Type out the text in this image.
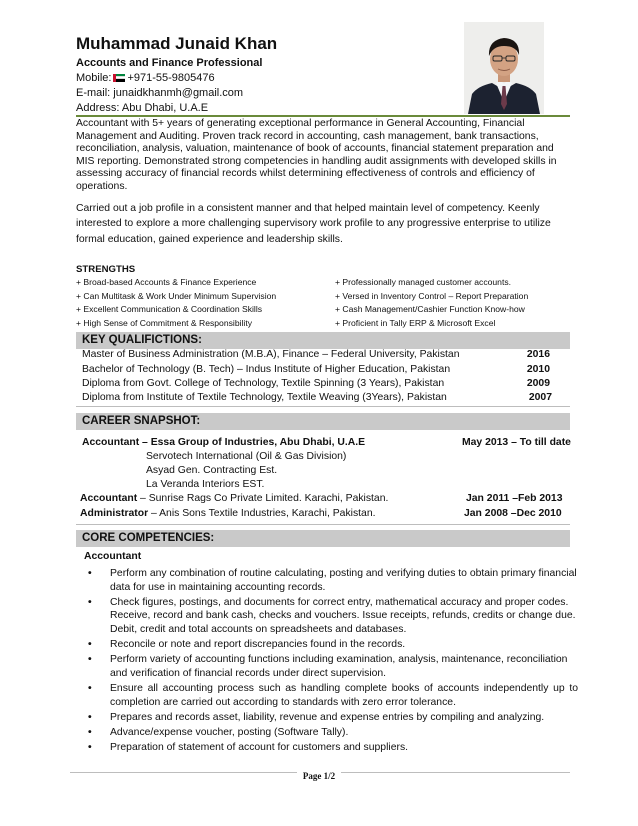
Muhammad Junaid Khan
Accounts and Finance Professional
Mobile: +971-55-9805476
E-mail: junaidkhanmh@gmail.com
Address: Abu Dhabi, U.A.E
Accountant with 5+ years of generating exceptional performance in General Accounting, Financial Management and Auditing. Proven track record in accounting, cash management, bank transactions, reconciliation, analysis, valuation, maintenance of book of accounts, financial statement preparation and MIS reporting. Demonstrated strong competencies in handling audit assignments with developed skills in assessing accuracy of financial records whilst determining effectiveness of controls and efficiency of operations.
Carried out a job profile in a consistent manner and that helped maintain level of competency. Keenly interested to explore a more challenging supervisory work profile to any progressive enterprise to utilize formal education, gained experience and leadership skills.
STRENGTHS
+ Broad-based Accounts & Finance Experience
+ Can Multitask & Work Under Minimum Supervision
+ Excellent Communication & Coordination Skills
+ High Sense of Commitment & Responsibility
+ Professionally managed customer accounts.
+ Versed in Inventory Control – Report Preparation
+ Cash Management/Cashier Function Know-how
+ Proficient in Tally ERP & Microsoft Excel
KEY QUALIFICTIONS:
Master of Business Administration (M.B.A), Finance – Federal University, Pakistan	2016
Bachelor of Technology (B. Tech) – Indus Institute of Higher Education, Pakistan	2010
Diploma from Govt. College of Technology, Textile Spinning (3 Years), Pakistan	2009
Diploma from Institute of Textile Technology, Textile Weaving (3Years), Pakistan	2007
CAREER SNAPSHOT:
Accountant – Essa Group of Industries, Abu Dhabi, U.A.E	May 2013 – To till date
Servotech International (Oil & Gas Division)
Asyad Gen. Contracting Est.
La Veranda Interiors EST.
Accountant – Sunrise Rags Co Private Limited. Karachi, Pakistan.	Jan 2011 –Feb 2013
Administrator – Anis Sons Textile Industries, Karachi, Pakistan.	Jan 2008 –Dec 2010
CORE COMPETENCIES:
Accountant
• Perform any combination of routine calculating, posting and verifying duties to obtain primary financial data for use in maintaining accounting records.
• Check figures, postings, and documents for correct entry, mathematical accuracy and proper codes. Receive, record and bank cash, checks and vouchers. Issue receipts, refunds, credits or change due. Debit, credit and total accounts on spreadsheets and databases.
• Reconcile or note and report discrepancies found in the records.
• Perform variety of accounting functions including examination, analysis, maintenance, reconciliation and verification of financial records under direct supervision.
• Ensure all accounting process such as handling complete books of accounts independently up to completion are carried out according to standards with zero error tolerance.
• Prepares and records asset, liability, revenue and expense entries by compiling and analyzing.
• Advance/expense voucher, posting (Software Tally).
• Preparation of statement of account for customers and suppliers.
Page 1/2
